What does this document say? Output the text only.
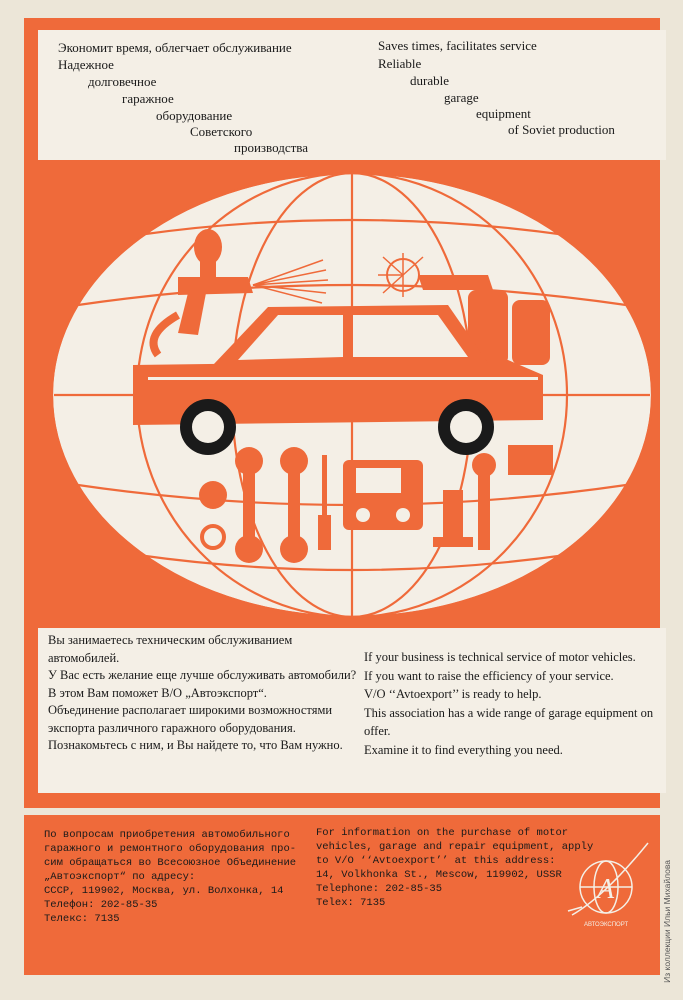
Экономит время, облегчает обслуживание
Надежное
долговечное
гаражное
оборудование
Советского
производства
Saves times, facilitates service
Reliable
durable
garage
equipment
of Soviet production
Вы занимаетесь техническим обслуживанием автомобилей.
У Вас есть желание еще лучше обслуживать автомобили?
В этом Вам поможет В/О „Автоэкспорт“.
Объединение располагает широкими возможностями экспорта различного гаражного оборудования.
Познакомьтесь с ним, и Вы найдете то, что Вам нужно.
If your business is technical service of motor vehicles.
If you want to raise the efficiency of your service.
V/O ‘‘Avtoexport’’ is ready to help.
This association has a wide range of garage equipment on offer.
Examine it to find everything you need.
По вопросам приобретения автомобильного
гаражного и ремонтного оборудования про-
сим обращаться во Всесоюзное Объединение
„Автоэкспорт“ по адресу:
СССР, 119902, Москва, ул. Волхонка, 14
Телефон: 202-85-35
Телекс: 7135
For information on the purchase of motor
vehicles, garage and repair equipment, apply
to V/O ‘‘Avtoexport’’ at this address:
14, Volkhonka St., Mescow, 119902, USSR
Telephone: 202-85-35
Telex: 7135	A
АВТОЭКСПОРТ	Из коллекции Ильи Михайлова
